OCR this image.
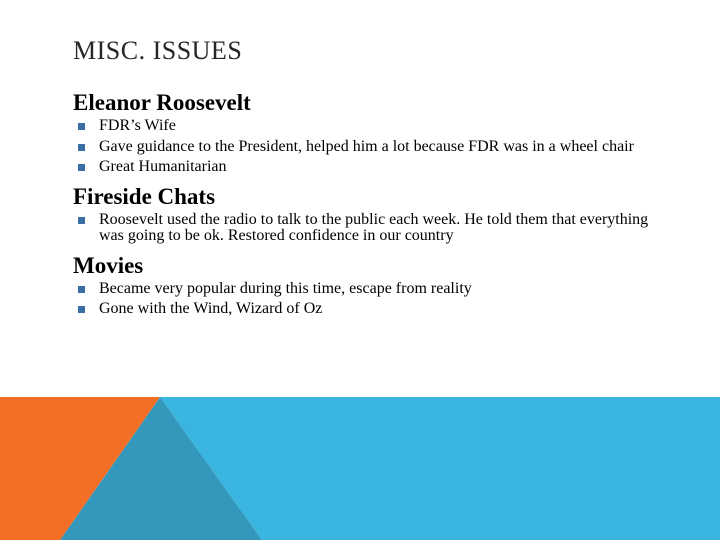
MISC. ISSUES
Eleanor Roosevelt
FDR’s Wife
Gave guidance to the President, helped him a lot because FDR was in a wheel chair
Great Humanitarian
Fireside Chats
Roosevelt used the radio to talk to the public each week. He told them that everything was going to be ok. Restored confidence in our country
Movies
Became very popular during this time, escape from reality
Gone with the Wind, Wizard of Oz
